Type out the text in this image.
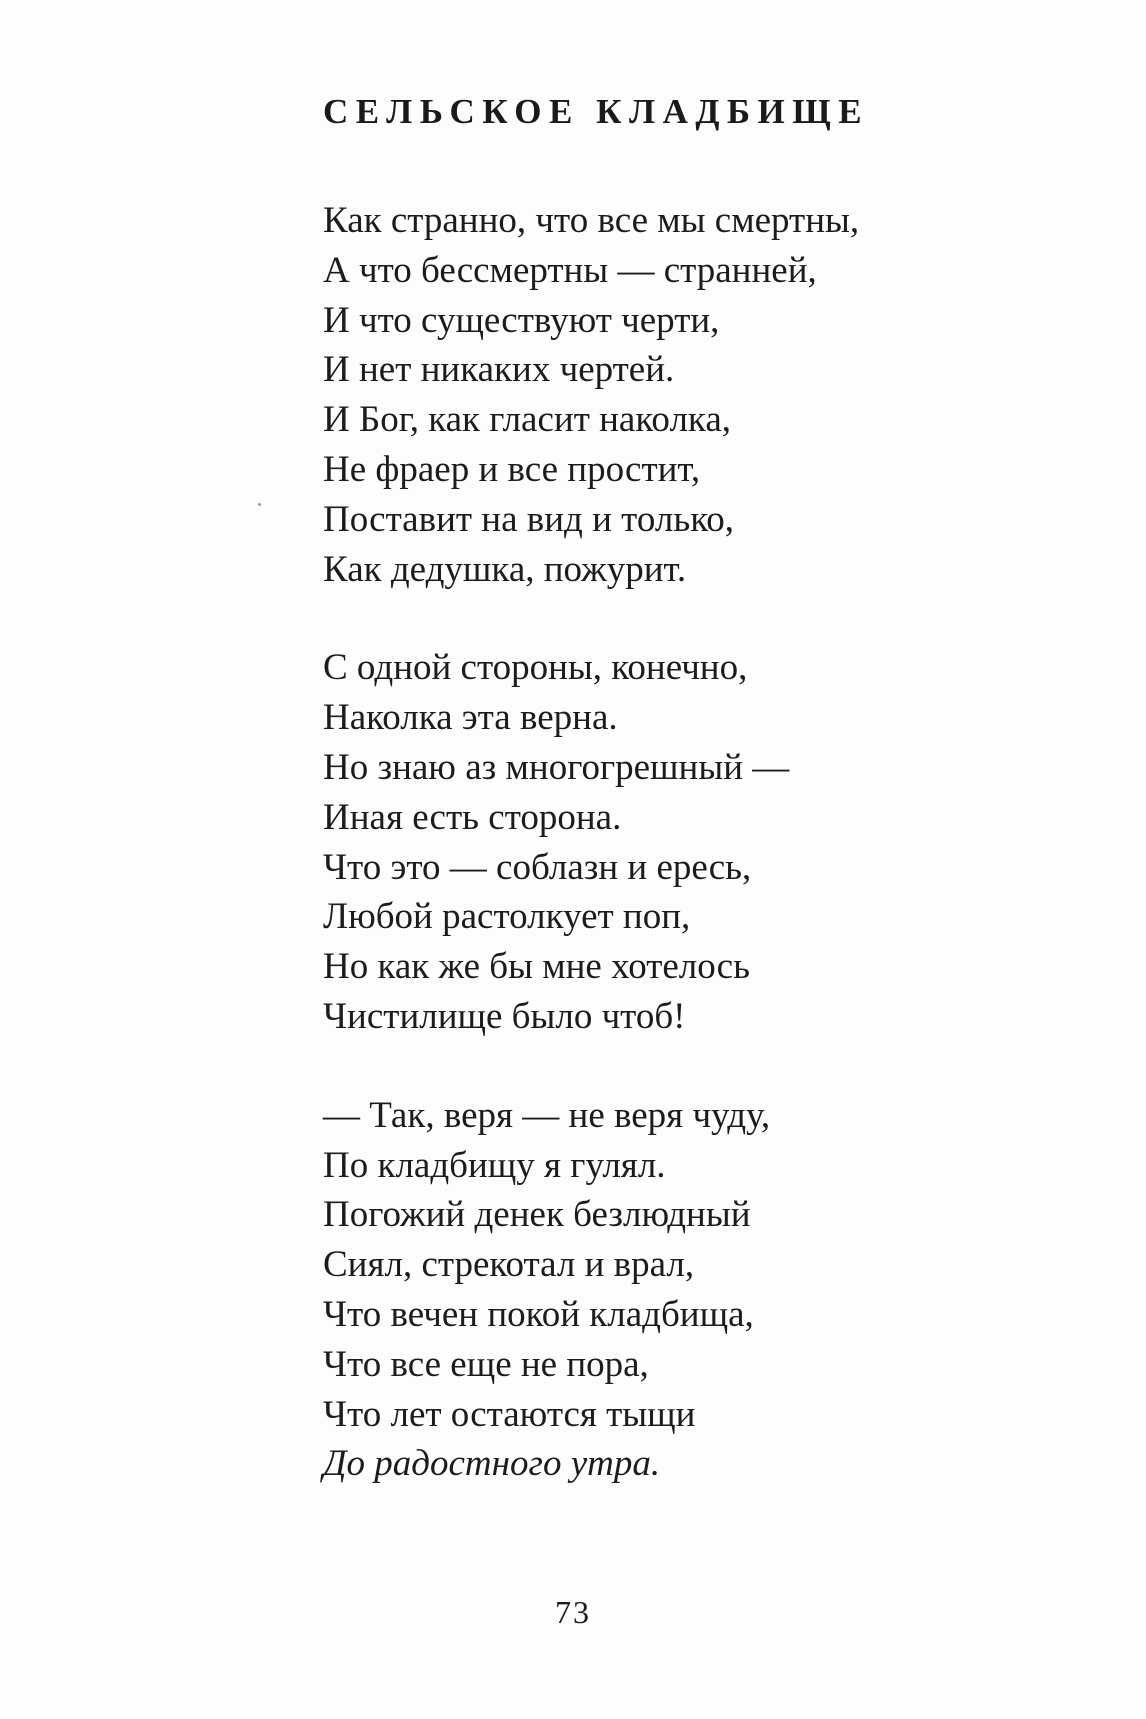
СЕЛЬСКОЕ КЛАДБИЩЕ
Как странно, что все мы смертны,
А что бессмертны — странней,
И что существуют черти,
И нет никаких чертей.
И Бог, как гласит наколка,
Не фраер и все простит,
Поставит на вид и только,
Как дедушка, пожурит.
С одной стороны, конечно,
Наколка эта верна.
Но знаю аз многогрешный —
Иная есть сторона.
Что это — соблазн и ересь,
Любой растолкует поп,
Но как же бы мне хотелось
Чистилище было чтоб!
— Так, веря — не веря чуду,
По кладбищу я гулял.
Погожий денек безлюдный
Сиял, стрекотал и врал,
Что вечен покой кладбища,
Что все еще не пора,
Что лет остаются тыщи
До радостного утра.
73
